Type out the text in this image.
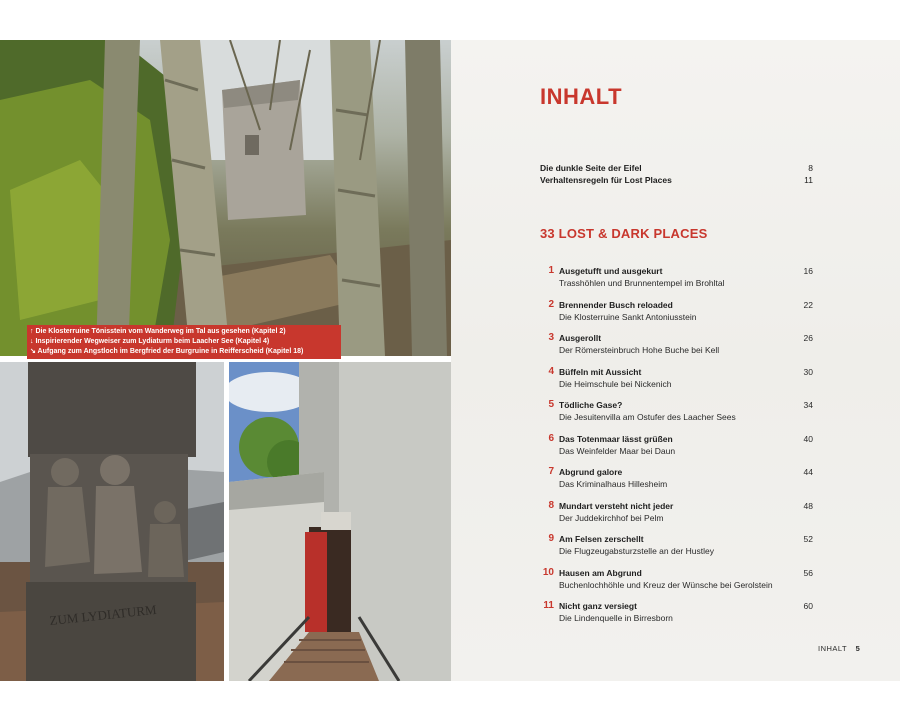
↑ Die Klosterruine Tönisstein vom Wanderweg im Tal aus gesehen (Kapitel 2)
↓ Inspirierender Wegweiser zum Lydiaturm beim Laacher See (Kapitel 4)
↘ Aufgang zum Angstloch im Bergfried der Burgruine in Reifferscheid (Kapitel 18)
ZUM LYDIATURM
INHALT
Die dunkle Seite der Eifel	8
Verhaltensregeln für Lost Places	11
33 LOST & DARK PLACES
1 Ausgetufft und ausgekurt
Trasshöhlen und Brunnentempel im Brohltal
16
2 Brennender Busch reloaded
Die Klosterruine Sankt Antoniusstein
22
3 Ausgerollt
Der Römersteinbruch Hohe Buche bei Kell
26
4 Büffeln mit Aussicht
Die Heimschule bei Nickenich
30
5 Tödliche Gase?
Die Jesuitenvilla am Ostufer des Laacher Sees
34
6 Das Totenmaar lässt grüßen
Das Weinfelder Maar bei Daun
40
7 Abgrund galore
Das Kriminalhaus Hillesheim
44
8 Mundart versteht nicht jeder
Der Juddekirchhof bei Pelm
48
9 Am Felsen zerschellt
Die Flugzeugabsturzstelle an der Hustley
52
10 Hausen am Abgrund
Buchenlochhöhle und Kreuz der Wünsche bei Gerolstein
56
11 Nicht ganz versiegt
Die Lindenquelle in Birresborn
60
INHALT 5
